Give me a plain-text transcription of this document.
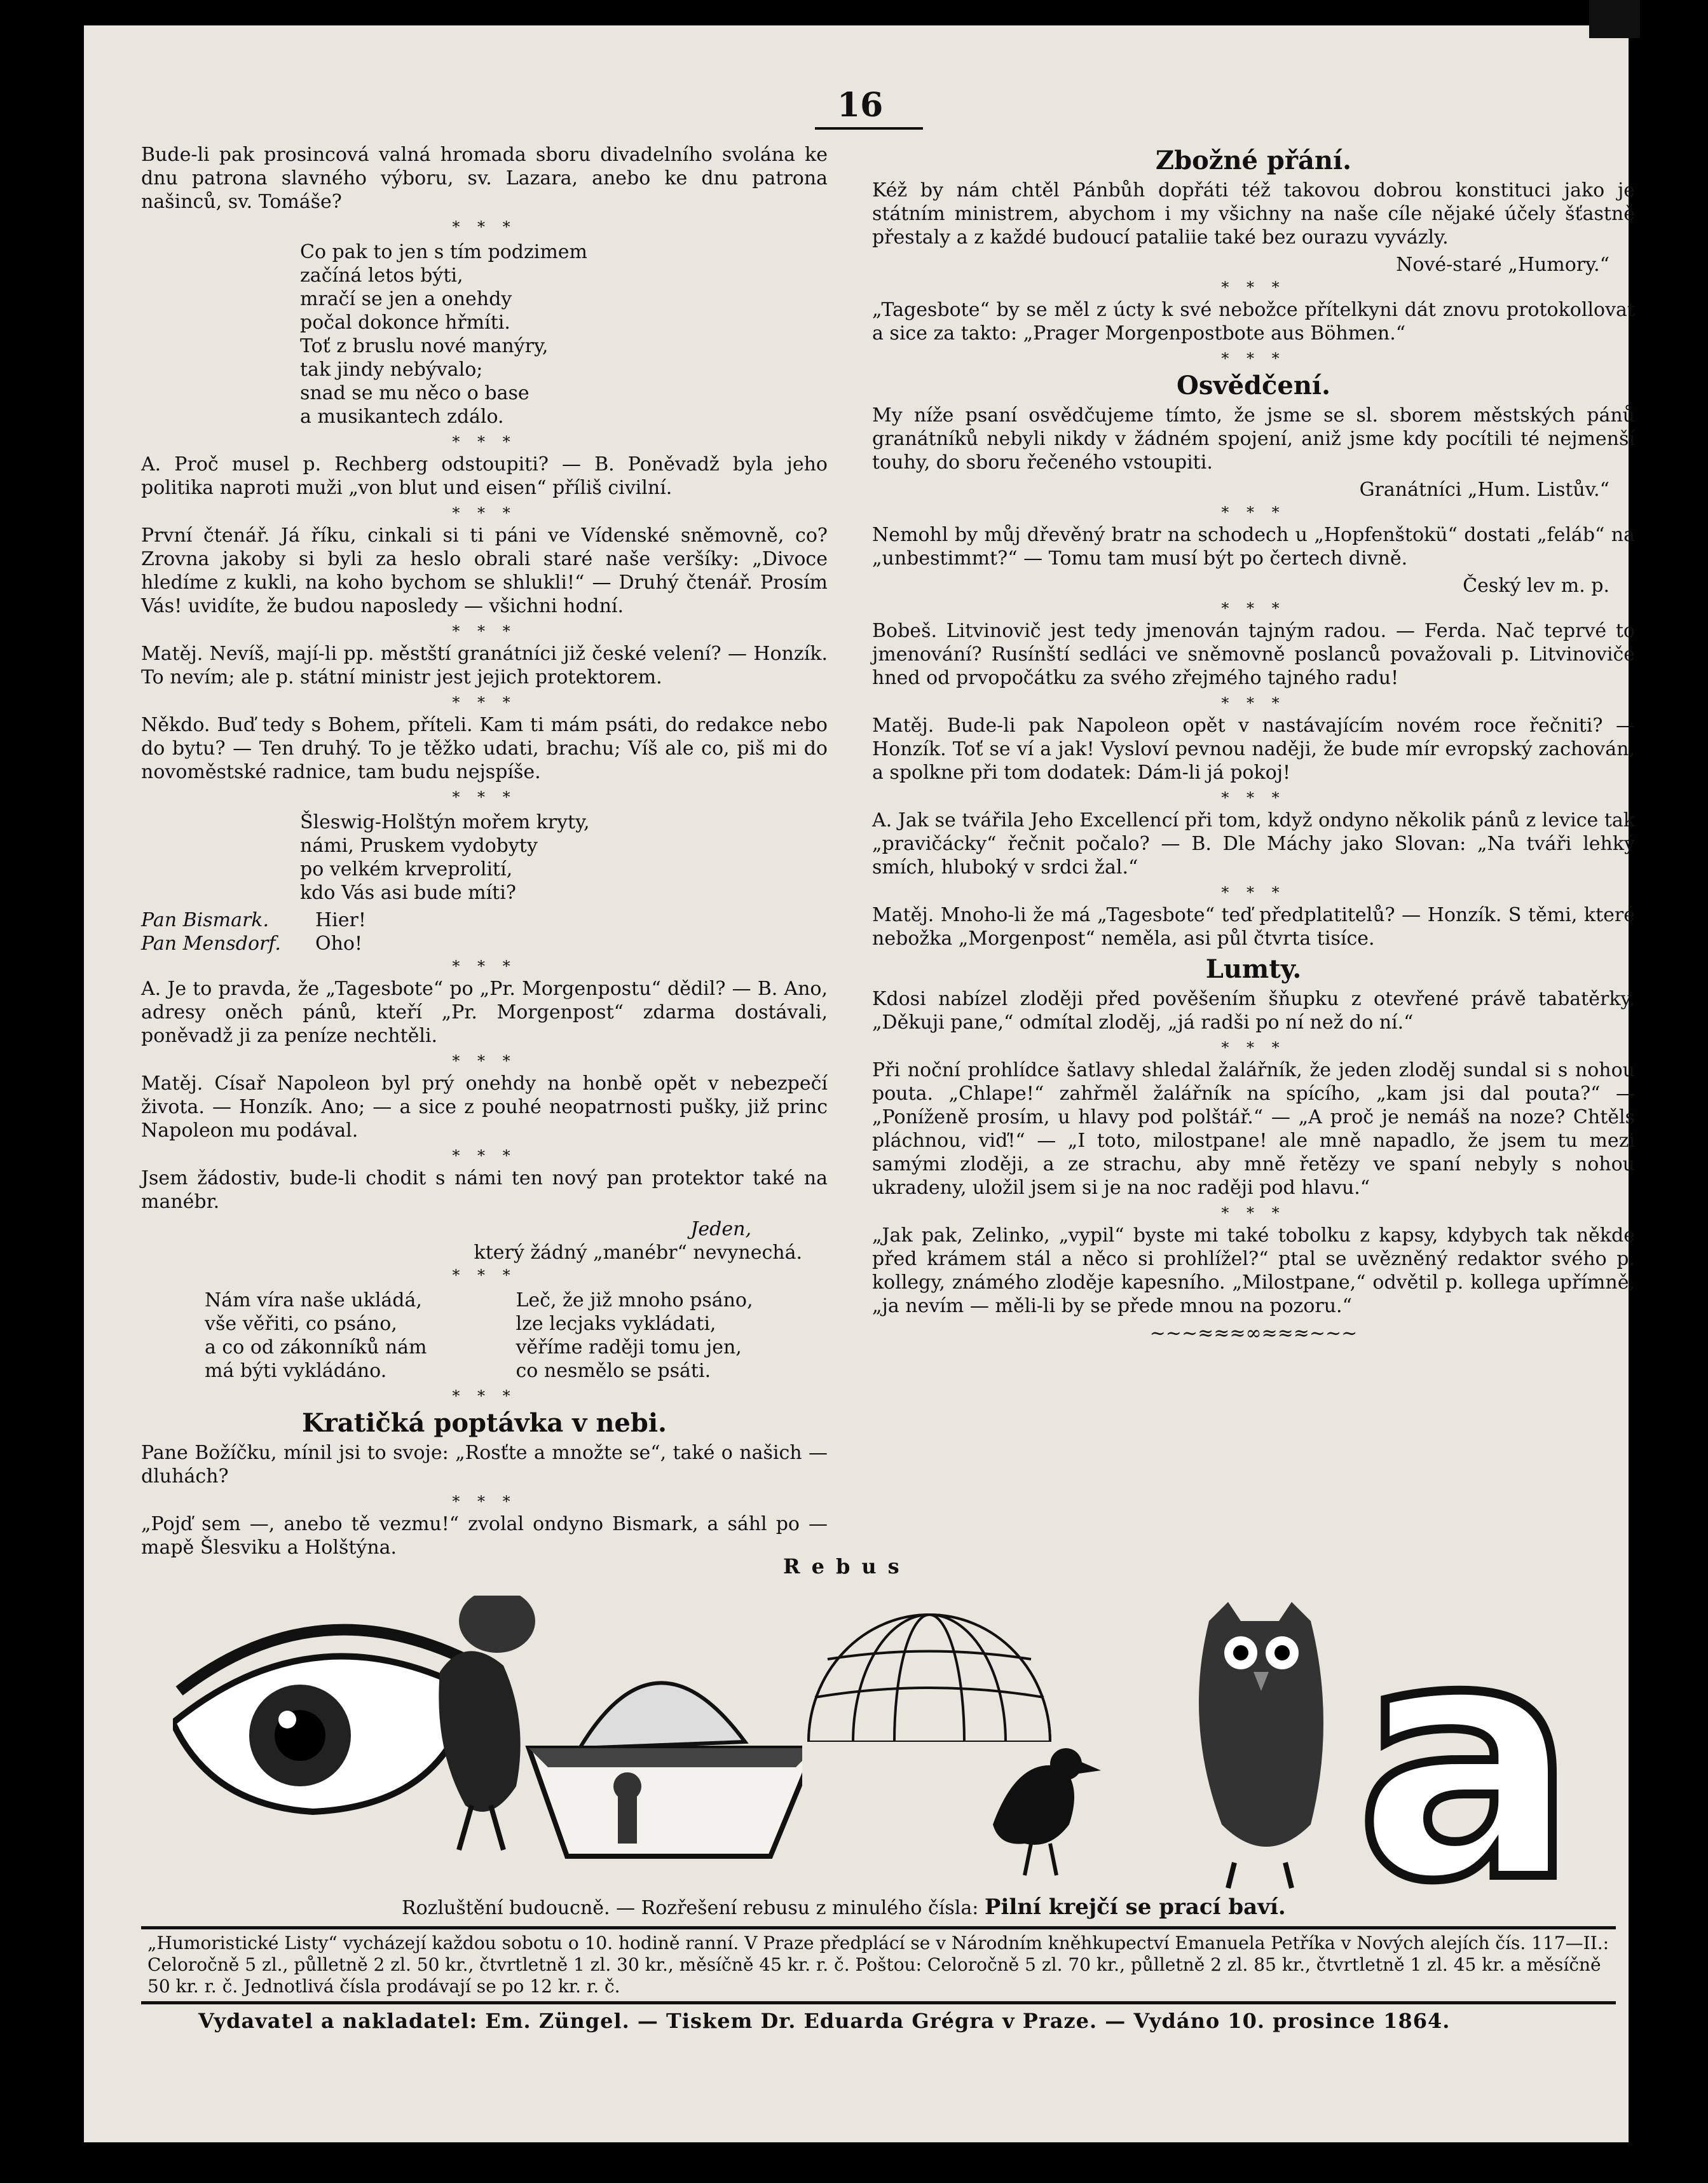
16

Bude-li pak prosincová valná hromada sboru divadelního svolána ke dnu patrona slavného výboru, sv. Lazara, anebo ke dnu patrona našinců, sv. Tomáše?

* * *
Co pak to jen s tím podzimem
začíná letos býti,
mračí se jen a onehdy
počal dokonce hřmíti.
Toť z bruslu nové manýry,
tak jindy nebývalo;
snad se mu něco o base
a musikantech zdálo.
* * *

A. Proč musel p. Rechberg odstoupiti? — B. Poněvadž byla jeho politika naproti muži „von blut und eisen“ příliš civilní.

* * *

První čtenář. Já říku, cinkali si ti páni ve Vídenské sněmovně, co? Zrovna jakoby si byli za heslo obrali staré naše veršíky: „Divoce hledíme z kukli, na koho bychom se shlukli!“ — Druhý čtenář. Prosím Vás! uvidíte, že budou naposledy — všichni hodní.

* * *

Matěj. Nevíš, mají-li pp. městští granátníci již české velení? — Honzík. To nevím; ale p. státní ministr jest jejich protektorem.

* * *

Někdo. Buď tedy s Bohem, příteli. Kam ti mám psáti, do redakce nebo do bytu? — Ten druhý. To je těžko udati, brachu; Víš ale co, piš mi do novoměstské radnice, tam budu nejspíše.

* * *
Šleswig-Holštýn mořem kryty,
námi, Pruskem vydobyty
po velkém krveprolití,
kdo Vás asi bude míti?
Pan Bismark.	Hier!
Pan Mensdorf.	Oho!
* * *

A. Je to pravda, že „Tagesbote“ po „Pr. Morgenpostu“ dědil? — B. Ano, adresy oněch pánů, kteří „Pr. Morgenpost“ zdarma dostávali, poněvadž ji za peníze nechtěli.

* * *

Matěj. Císař Napoleon byl prý onehdy na honbě opět v nebezpečí života. — Honzík. Ano; — a sice z pouhé neopatrnosti pušky, již princ Napoleon mu podával.

* * *

Jsem žádostiv, bude-li chodit s námi ten nový pan protektor také na manébr.

Jeden,
který žádný „manébr“ nevynechá.
* * *
Nám víra naše ukládá,
vše věřiti, co psáno,
a co od zákonníků nám
má býti vykládáno.
Leč, že již mnoho psáno,
lze lecjaks vykládati,
věříme raději tomu jen,
co nesmělo se psáti.
* * *
Kratičká poptávka v nebi.

Pane Božíčku, mínil jsi to svoje: „Rosťte a množte se“, také o našich — dluhách?

* * *

„Pojď sem —, anebo tě vezmu!“ zvolal ondyno Bismark, a sáhl po — mapě Šlesviku a Holštýna.

Zbožné přání.

Kéž by nám chtěl Pánbůh dopřáti též takovou dobrou konstituci jako je státním ministrem, abychom i my všichny na naše cíle nějaké účely šťastně přestaly a z každé budoucí pataliie také bez ourazu vyvázly.

Nové-staré „Humory.“
* * *

„Tagesbote“ by se měl z úcty k své nebožce přítelkyni dát znovu protokollovat a sice za takto: „Prager Morgenpostbote aus Böhmen.“

* * *
Osvědčení.

My níže psaní osvědčujeme tímto, že jsme se sl. sborem městských pánů granátníků nebyli nikdy v žádném spojení, aniž jsme kdy pocítili té nejmenší touhy, do sboru řečeného vstoupiti.

Granátníci „Hum. Listův.“
* * *

Nemohl by můj dřevěný bratr na schodech u „Hopfenštokü“ dostati „feláb“ na „unbestimmt?“ — Tomu tam musí být po čertech divně.

Český lev m. p.
* * *

Bobeš. Litvinovič jest tedy jmenován tajným radou. — Ferda. Nač teprvé to jmenování? Rusínští sedláci ve sněmovně poslanců považovali p. Litvinoviče hned od prvopočátku za svého zřejmého tajného radu!

* * *

Matěj. Bude-li pak Napoleon opět v nastávajícím novém roce řečniti? — Honzík. Toť se ví a jak! Vysloví pevnou naději, že bude mír evropský zachován, a spolkne při tom dodatek: Dám-li já pokoj!

* * *

A. Jak se tvářila Jeho Excellencí při tom, když ondyno několik pánů z levice tak „pravičácky“ řečnit počalo? — B. Dle Máchy jako Slovan: „Na tváři lehký smích, hluboký v srdci žal.“

* * *

Matěj. Mnoho-li že má „Tagesbote“ teď předplatitelů? — Honzík. S těmi, které nebožka „Morgenpost“ neměla, asi půl čtvrta tisíce.

Lumty.

Kdosi nabízel zloději před pověšením šňupku z otevřené právě tabatěrky. „Děkuji pane,“ odmítal zloděj, „já radši po ní než do ní.“

* * *

Při noční prohlídce šatlavy shledal žalářník, že jeden zloděj sundal si s nohou pouta. „Chlape!“ zahřměl žalářník na spícího, „kam jsi dal pouta?“ — „Poníženě prosím, u hlavy pod polštář.“ — „A proč je nemáš na noze? Chtěls pláchnou, viď!“ — „I toto, milostpane! ale mně napadlo, že jsem tu mezi samými zloději, a ze strachu, aby mně řetězy ve spaní nebyly s nohou ukradeny, uložil jsem si je na noc raději pod hlavu.“

* * *

„Jak pak, Zelinko, „vypil“ byste mi také tobolku z kapsy, kdybych tak někde před krámem stál a něco si prohlížel?“ ptal se uvězněný redaktor svého p. kollegy, známého zloděje kapesního. „Milostpane,“ odvětil p. kollega upřímně, „ja nevím — měli-li by se přede mnou na pozoru.“

~~~≈≈≈∞≈≈≈~~~
Rebus
a
Rozluštění budoucně. — Rozřešení rebusu z minulého čísla: Pilní krejčí se prací baví.
„Humoristické Listy“ vycházejí každou sobotu o 10. hodině ranní. V Praze předplácí se v Národním kněhkupectví Emanuela Petříka v Nových alejích čís. 117—II.: Celoročně 5 zl., půlletně 2 zl. 50 kr., čtvrtletně 1 zl. 30 kr., měsíčně 45 kr. r. č. Poštou: Celoročně 5 zl. 70 kr., půlletně 2 zl. 85 kr., čtvrtletně 1 zl. 45 kr. a měsíčně 50 kr. r. č. Jednotlivá čísla prodávají se po 12 kr. r. č.
Vydavatel a nakladatel: Em. Züngel. — Tiskem Dr. Eduarda Grégra v Praze. — Vydáno 10. prosince 1864.
